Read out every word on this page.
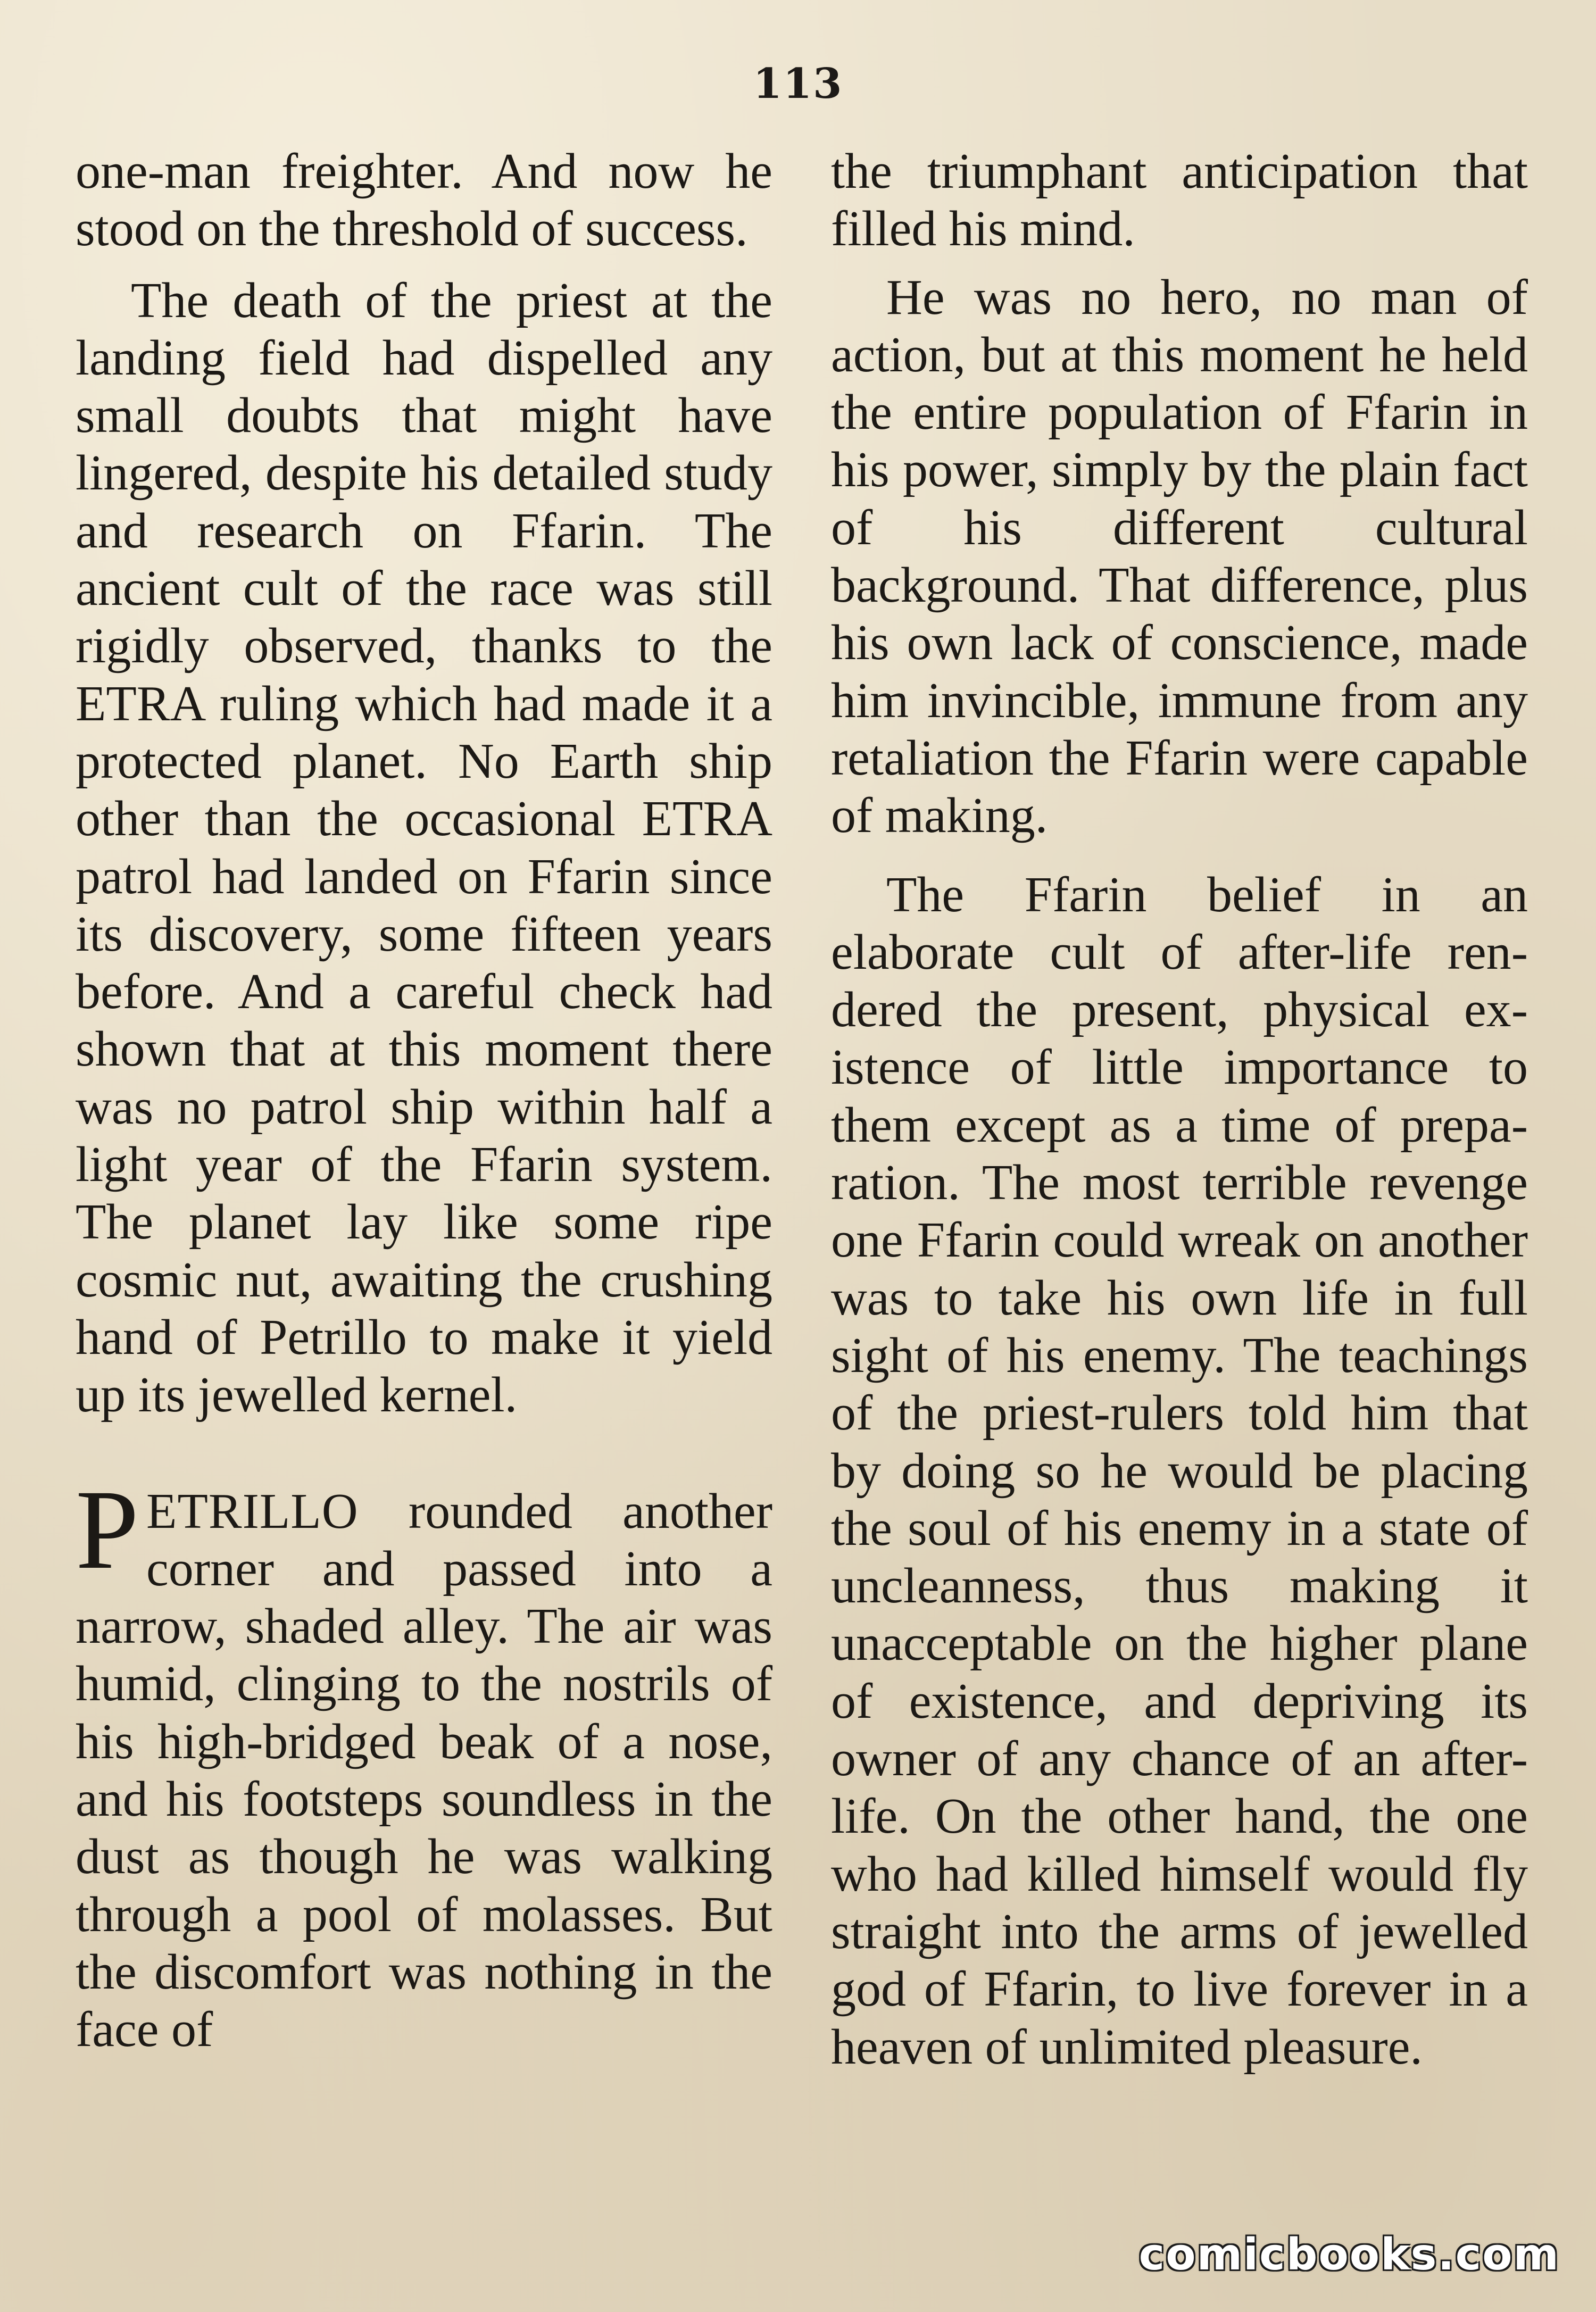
113

one-man freighter. And now he stood on the threshold of success.

The death of the priest at the landing field had dispelled any small doubts that might have lingered, despite his detailed study and research on Ffarin. The ancient cult of the race was still rigidly observed, thanks to the ETRA ruling which had made it a protected planet. No Earth ship other than the occasional ETRA patrol had landed on Ffarin since its discovery, some fifteen years before. And a careful check had shown that at this moment there was no patrol ship within half a light year of the Ffarin system. The planet lay like some ripe cosmic nut, awaiting the crushing hand of Petrillo to make it yield up its jewelled kernel.

PETRILLO rounded another corner and passed into a narrow, shaded alley. The air was humid, clinging to the nostrils of his high-bridged beak of a nose, and his footsteps soundless in the dust as though he was walking through a pool of molasses. But the discomfort was nothing in the face of

the triumphant anticipation that filled his mind.

He was no hero, no man of action, but at this moment he held the entire population of Ffarin in his power, simply by the plain fact of his different cultural background. That difference, plus his own lack of conscience, made him invincible, immune from any retaliation the Ffarin were capable of making.

The Ffarin belief in an elaborate cult of after-life rendered the present, physical existence of little importance to them except as a time of preparation. The most terrible revenge one Ffarin could wreak on another was to take his own life in full sight of his enemy. The teachings of the priest-rulers told him that by doing so he would be placing the soul of his enemy in a state of uncleanness, thus making it unacceptable on the higher plane of existence, and depriving its owner of any chance of an after-life. On the other hand, the one who had killed himself would fly straight into the arms of jewelled god of Ffarin, to live forever in a heaven of unlimited pleasure.

comicbooks.com
